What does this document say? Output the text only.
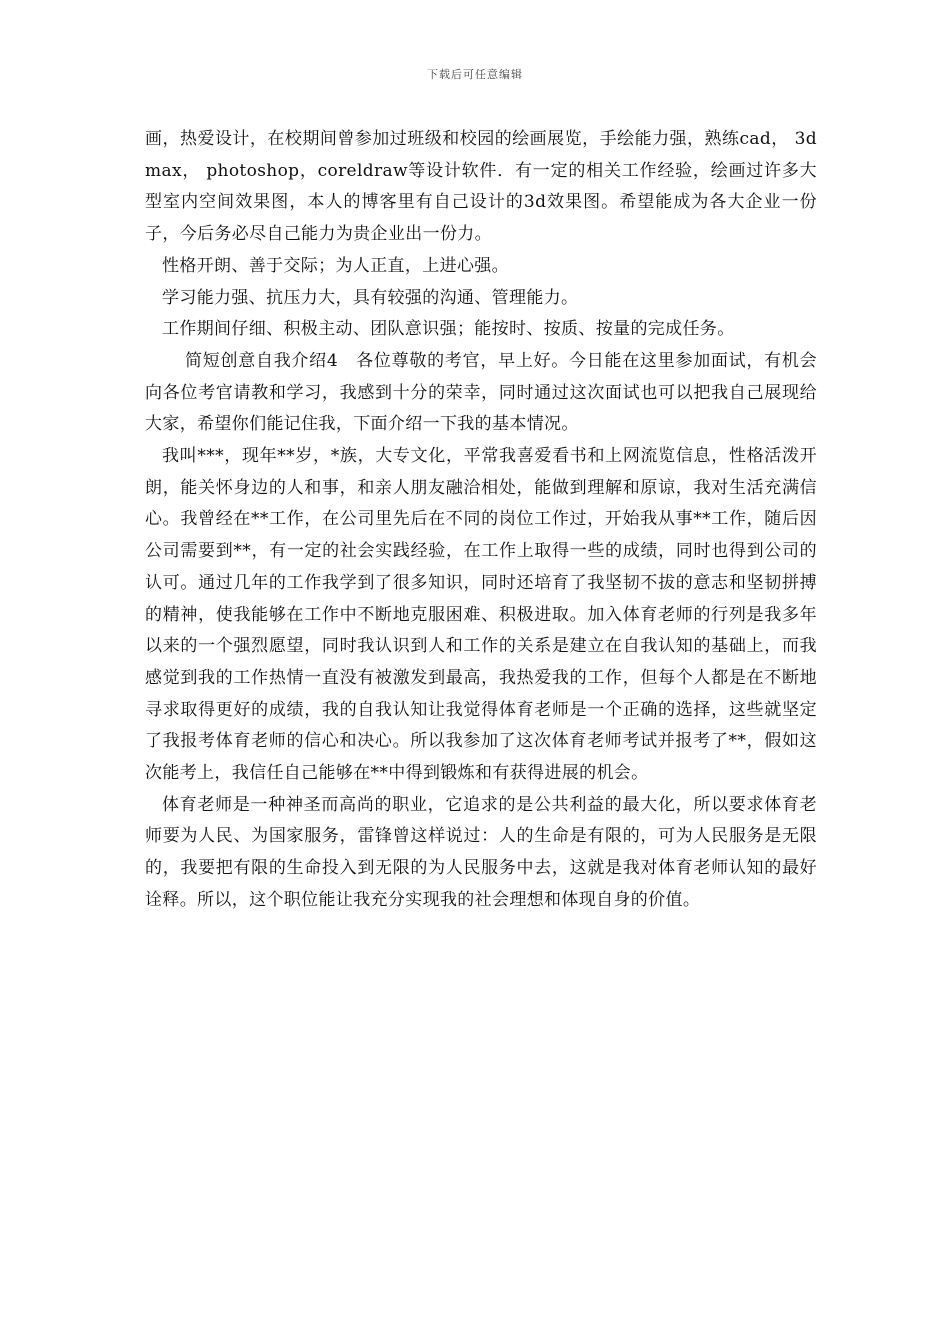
下载后可任意编辑

画，热爱设计，在校期间曾参加过班级和校园的绘画展览，手绘能力强，熟练cad， 3d max， photoshop，coreldraw等设计软件．有一定的相关工作经验，绘画过许多大型室内空间效果图，本人的博客里有自己设计的3d效果图。希望能成为各大企业一份子，今后务必尽自己能力为贵企业出一份力。

性格开朗、善于交际；为人正直，上进心强。

学习能力强、抗压力大，具有较强的沟通、管理能力。

工作期间仔细、积极主动、团队意识强；能按时、按质、按量的完成任务。

简短创意自我介绍4　各位尊敬的考官，早上好。今日能在这里参加面试，有机会向各位考官请教和学习，我感到十分的荣幸，同时通过这次面试也可以把我自己展现给大家，希望你们能记住我，下面介绍一下我的基本情况。

我叫***，现年**岁，*族，大专文化，平常我喜爱看书和上网流览信息，性格活泼开朗，能关怀身边的人和事，和亲人朋友融洽相处，能做到理解和原谅，我对生活充满信心。我曾经在**工作，在公司里先后在不同的岗位工作过，开始我从事**工作，随后因公司需要到**，有一定的社会实践经验，在工作上取得一些的成绩，同时也得到公司的认可。通过几年的工作我学到了很多知识，同时还培育了我坚韧不拔的意志和坚韧拼搏的精神，使我能够在工作中不断地克服困难、积极进取。加入体育老师的行列是我多年以来的一个强烈愿望，同时我认识到人和工作的关系是建立在自我认知的基础上，而我感觉到我的工作热情一直没有被激发到最高，我热爱我的工作，但每个人都是在不断地寻求取得更好的成绩，我的自我认知让我觉得体育老师是一个正确的选择，这些就坚定了我报考体育老师的信心和决心。所以我参加了这次体育老师考试并报考了**，假如这次能考上，我信任自己能够在**中得到锻炼和有获得进展的机会。

体育老师是一种神圣而高尚的职业，它追求的是公共利益的最大化，所以要求体育老师要为人民、为国家服务，雷锋曾这样说过：人的生命是有限的，可为人民服务是无限的，我要把有限的生命投入到无限的为人民服务中去，这就是我对体育老师认知的最好诠释。所以，这个职位能让我充分实现我的社会理想和体现自身的价值。
